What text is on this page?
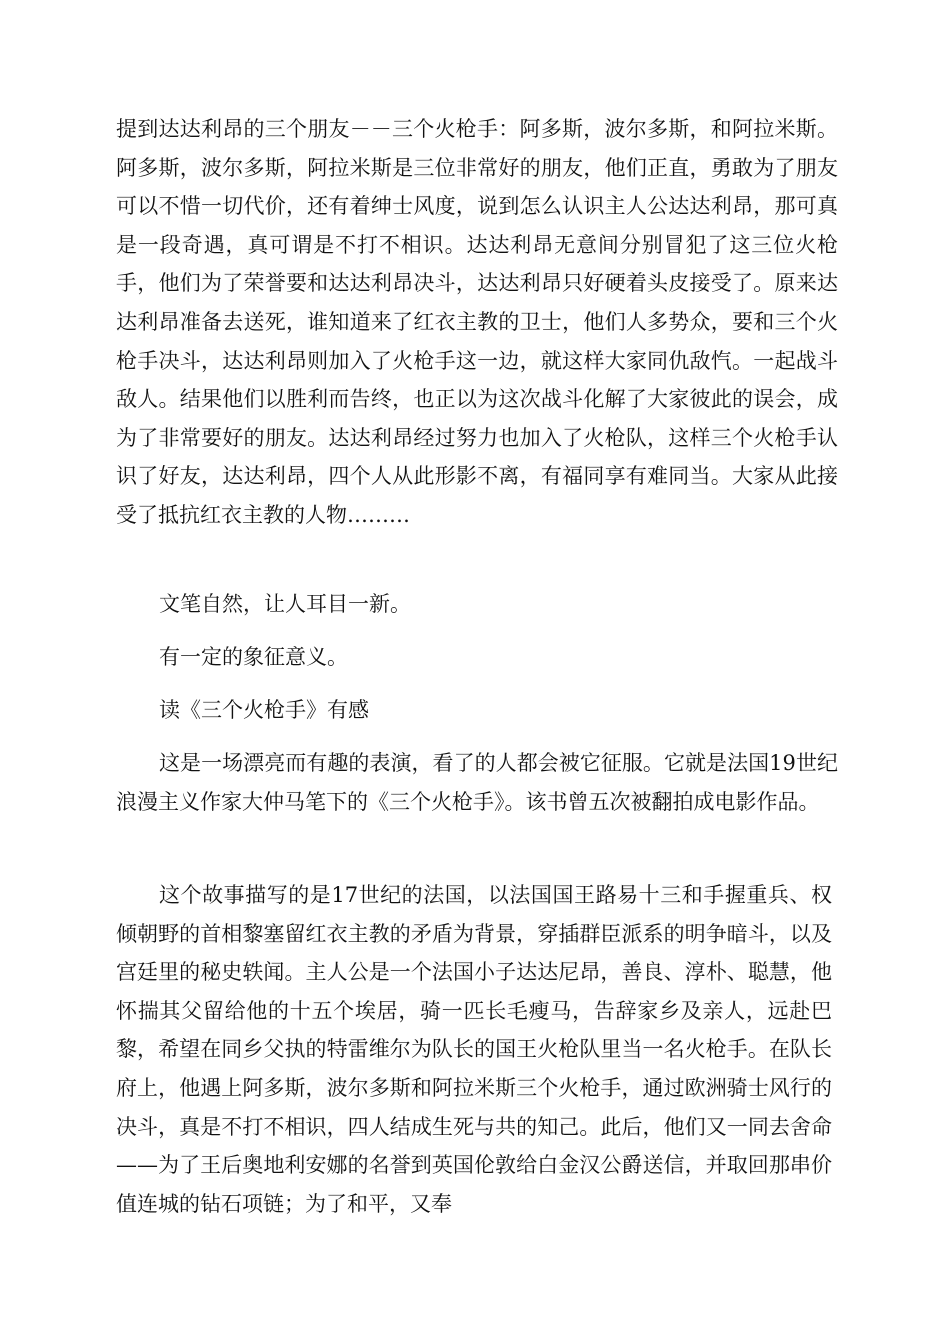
提到达达利昂的三个朋友－－三个火枪手：阿多斯，波尔多斯，和阿拉米斯。阿多斯，波尔多斯，阿拉米斯是三位非常好的朋友，他们正直，勇敢为了朋友可以不惜一切代价，还有着绅士风度，说到怎么认识主人公达达利昂，那可真是一段奇遇，真可谓是不打不相识。达达利昂无意间分别冒犯了这三位火枪手，他们为了荣誉要和达达利昂决斗，达达利昂只好硬着头皮接受了。原来达达利昂准备去送死，谁知道来了红衣主教的卫士，他们人多势众，要和三个火枪手决斗，达达利昂则加入了火枪手这一边，就这样大家同仇敌忾。一起战斗敌人。结果他们以胜利而告终，也正以为这次战斗化解了大家彼此的误会，成为了非常要好的朋友。达达利昂经过努力也加入了火枪队，这样三个火枪手认识了好友，达达利昂，四个人从此形影不离，有福同享有难同当。大家从此接受了抵抗红衣主教的人物………

文笔自然，让人耳目一新。

有一定的象征意义。

读《三个火枪手》有感

这是一场漂亮而有趣的表演，看了的人都会被它征服。它就是法国19世纪浪漫主义作家大仲马笔下的《三个火枪手》。该书曾五次被翻拍成电影作品。

这个故事描写的是17世纪的法国，以法国国王路易十三和手握重兵、权倾朝野的首相黎塞留红衣主教的矛盾为背景，穿插群臣派系的明争暗斗，以及宫廷里的秘史轶闻。主人公是一个法国小子达达尼昂，善良、淳朴、聪慧，他怀揣其父留给他的十五个埃居，骑一匹长毛瘦马，告辞家乡及亲人，远赴巴黎，希望在同乡父执的特雷维尔为队长的国王火枪队里当一名火枪手。在队长府上，他遇上阿多斯，波尔多斯和阿拉米斯三个火枪手，通过欧洲骑士风行的决斗，真是不打不相识，四人结成生死与共的知己。此后，他们又一同去舍命——为了王后奥地利安娜的名誉到英国伦敦给白金汉公爵送信，并取回那串价值连城的钻石项链；为了和平，又奉
